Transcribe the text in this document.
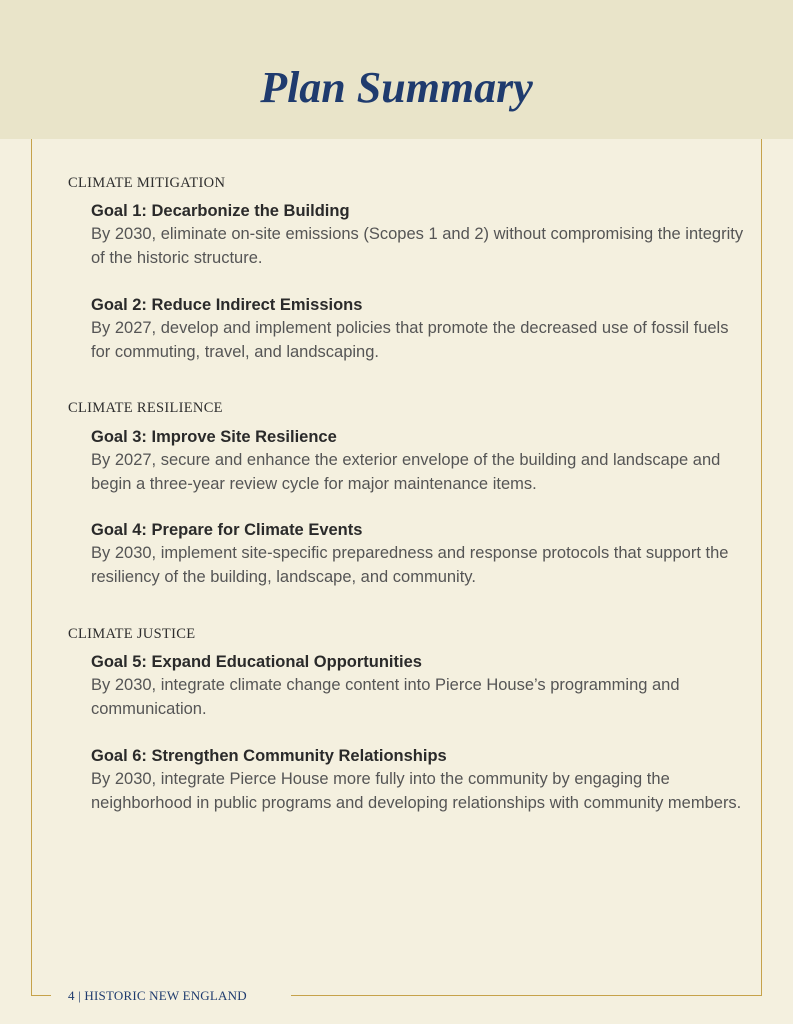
Plan Summary
CLIMATE MITIGATION

Goal 1: Decarbonize the Building

By 2030, eliminate on-site emissions (Scopes 1 and 2) without compromising the integrity of the historic structure.

Goal 2: Reduce Indirect Emissions

By 2027, develop and implement policies that promote the decreased use of fossil fuels for commuting, travel, and landscaping.

CLIMATE RESILIENCE

Goal 3: Improve Site Resilience

By 2027, secure and enhance the exterior envelope of the building and landscape and begin a three-year review cycle for major maintenance items.

Goal 4: Prepare for Climate Events

By 2030, implement site-specific preparedness and response protocols that support the resiliency of the building, landscape, and community.

CLIMATE JUSTICE

Goal 5: Expand Educational Opportunities

By 2030, integrate climate change content into Pierce House’s programming and communication.

Goal 6: Strengthen Community Relationships

By 2030, integrate Pierce House more fully into the community by engaging the neighborhood in public programs and developing relationships with community members.

4 | HISTORIC NEW ENGLAND
